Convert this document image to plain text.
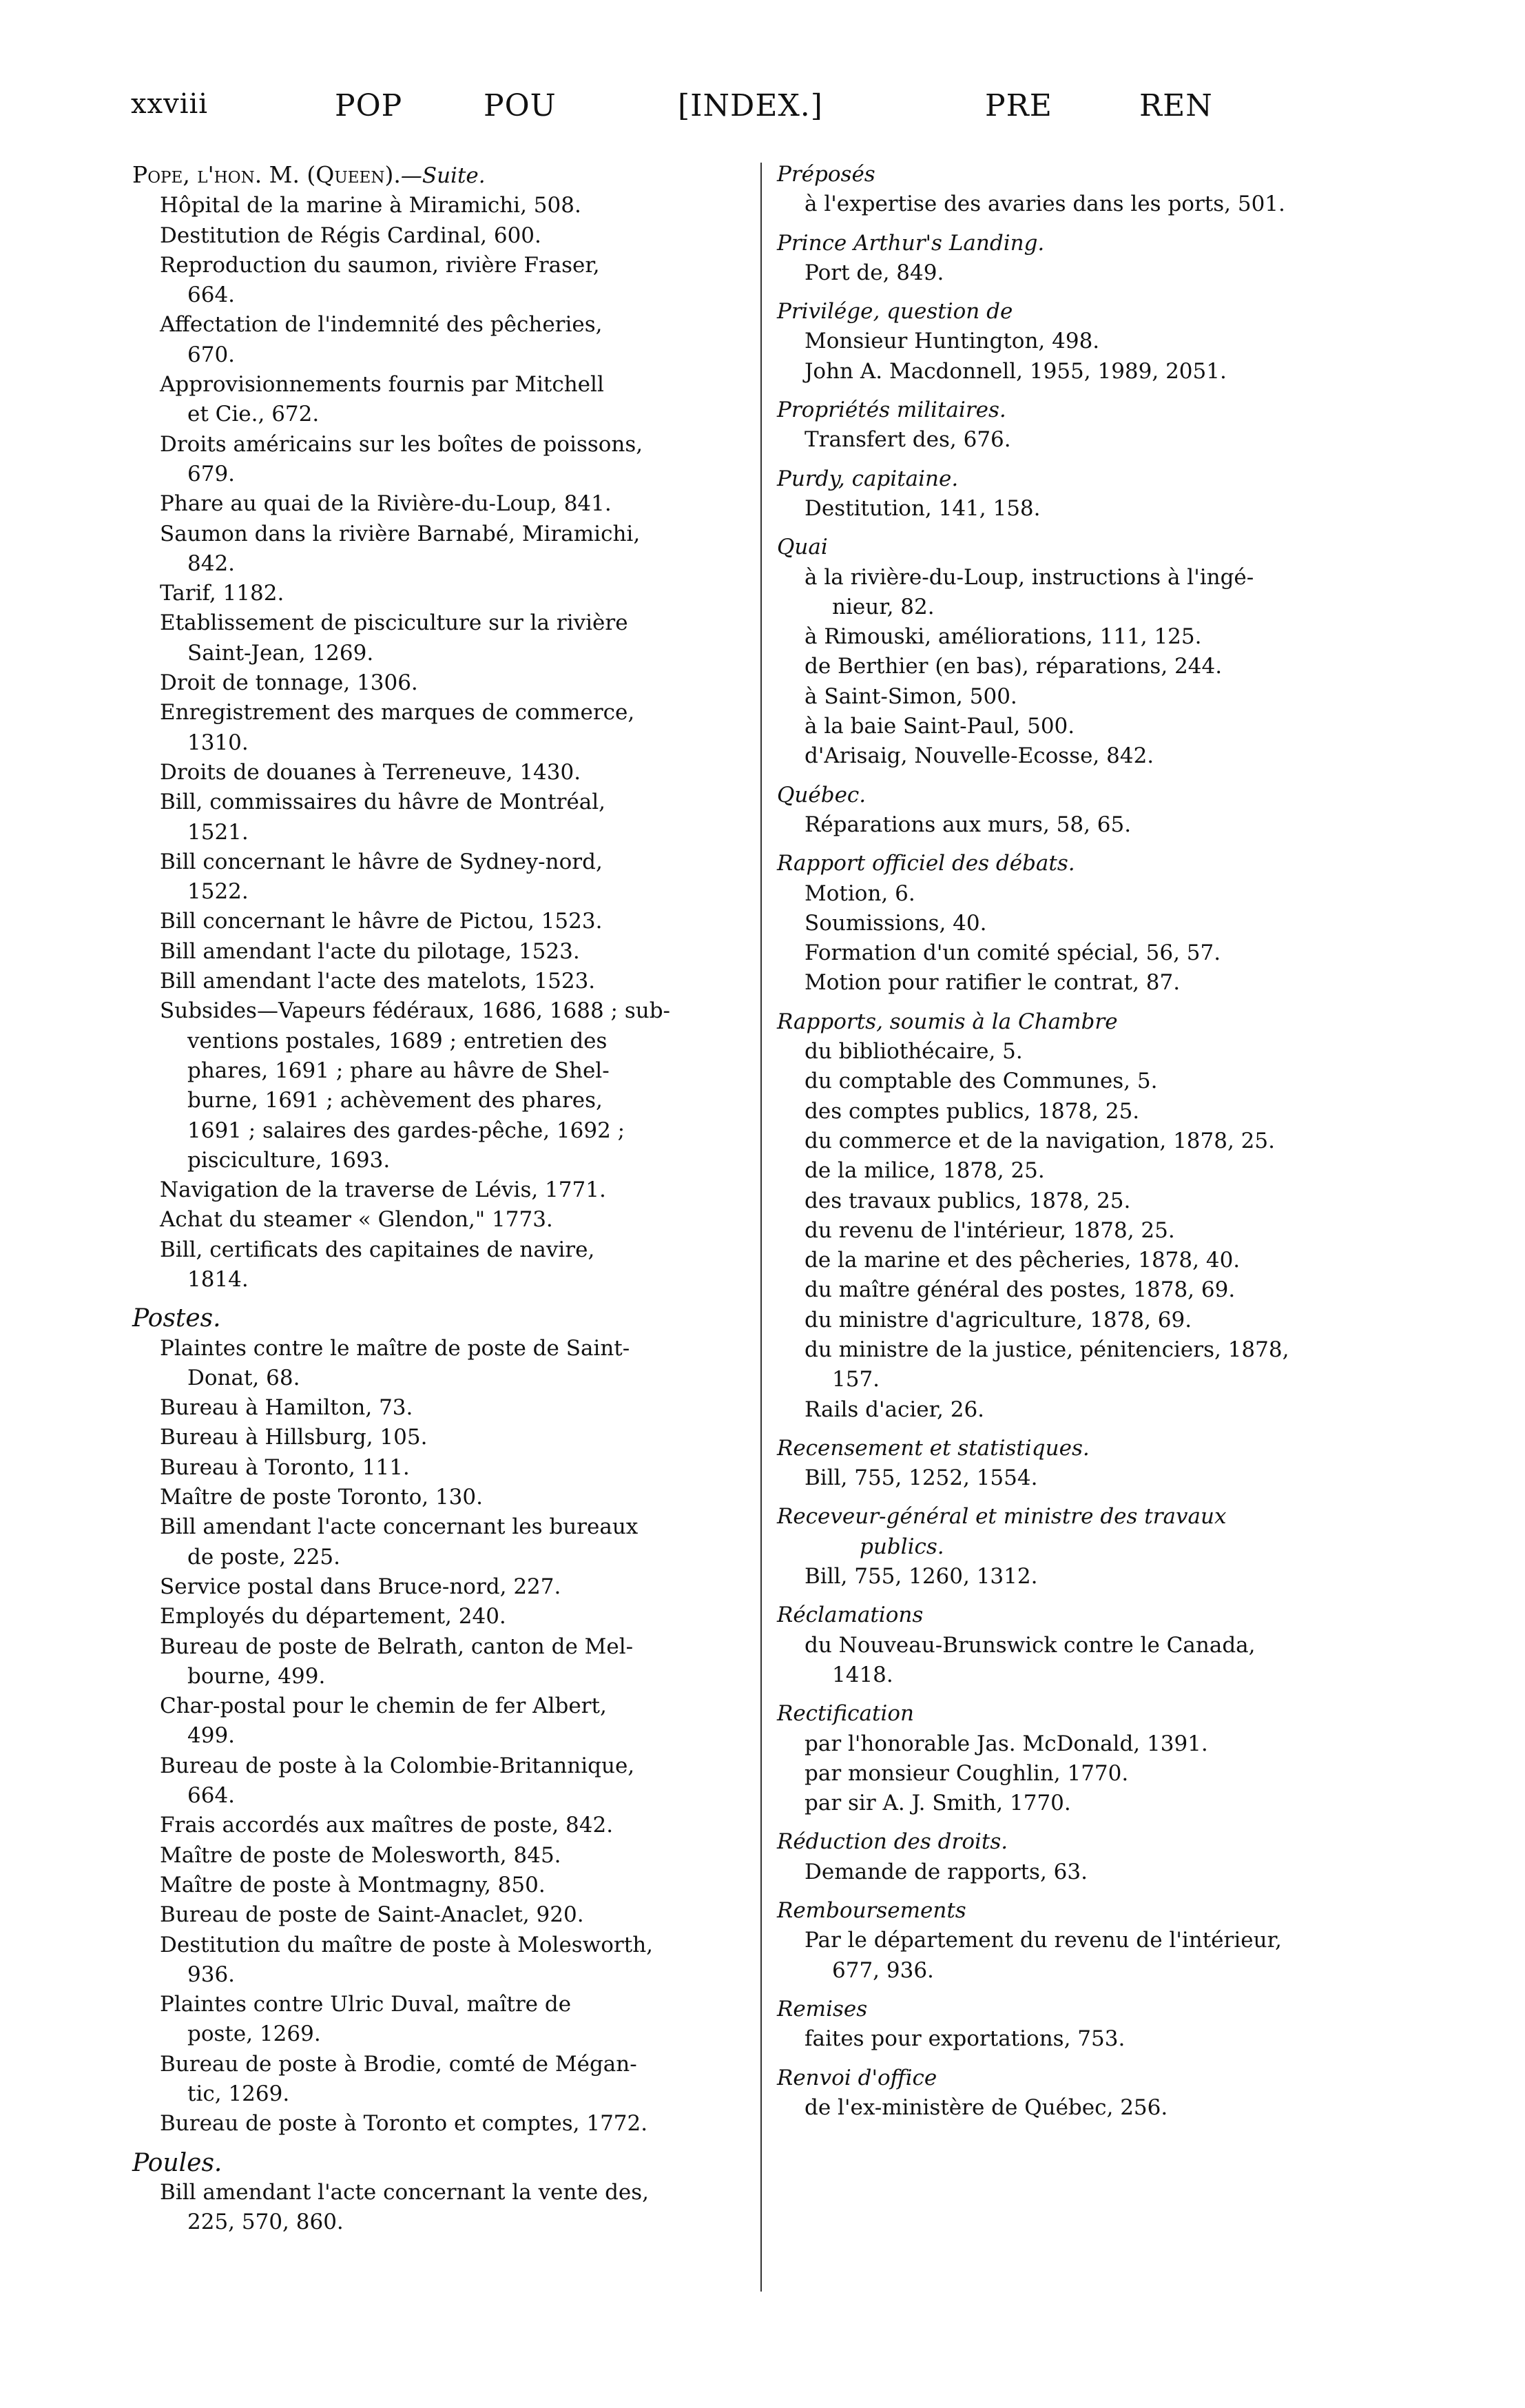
xxviii	POP	POU	[INDEX.]	PRE	REN
Pope, l'hon. M. (Queen).—Suite.
Hôpital de la marine à Miramichi, 508.
Destitution de Régis Cardinal, 600.
Reproduction du saumon, rivière Fraser,
664.
Affectation de l'indemnité des pêcheries,
670.
Approvisionnements fournis par Mitchell
et Cie., 672.
Droits américains sur les boîtes de poissons,
679.
Phare au quai de la Rivière-du-Loup, 841.
Saumon dans la rivière Barnabé, Miramichi,
842.
Tarif, 1182.
Etablissement de pisciculture sur la rivière
Saint-Jean, 1269.
Droit de tonnage, 1306.
Enregistrement des marques de commerce,
1310.
Droits de douanes à Terreneuve, 1430.
Bill, commissaires du hâvre de Montréal,
1521.
Bill concernant le hâvre de Sydney-nord,
1522.
Bill concernant le hâvre de Pictou, 1523.
Bill amendant l'acte du pilotage, 1523.
Bill amendant l'acte des matelots, 1523.
Subsides—Vapeurs fédéraux, 1686, 1688 ; sub-
ventions postales, 1689 ; entretien des
phares, 1691 ; phare au hâvre de Shel-
burne, 1691 ; achèvement des phares,
1691 ; salaires des gardes-pêche, 1692 ;
pisciculture, 1693.
Navigation de la traverse de Lévis, 1771.
Achat du steamer « Glendon," 1773.
Bill, certificats des capitaines de navire,
1814.
Postes.
Plaintes contre le maître de poste de Saint-
Donat, 68.
Bureau à Hamilton, 73.
Bureau à Hillsburg, 105.
Bureau à Toronto, 111.
Maître de poste Toronto, 130.
Bill amendant l'acte concernant les bureaux
de poste, 225.
Service postal dans Bruce-nord, 227.
Employés du département, 240.
Bureau de poste de Belrath, canton de Mel-
bourne, 499.
Char-postal pour le chemin de fer Albert,
499.
Bureau de poste à la Colombie-Britannique,
664.
Frais accordés aux maîtres de poste, 842.
Maître de poste de Molesworth, 845.
Maître de poste à Montmagny, 850.
Bureau de poste de Saint-Anaclet, 920.
Destitution du maître de poste à Molesworth,
936.
Plaintes contre Ulric Duval, maître de
poste, 1269.
Bureau de poste à Brodie, comté de Mégan-
tic, 1269.
Bureau de poste à Toronto et comptes, 1772.
Poules.
Bill amendant l'acte concernant la vente des,
225, 570, 860.
Préposés
à l'expertise des avaries dans les ports, 501.
Prince Arthur's Landing.
Port de, 849.
Privilége, question de
Monsieur Huntington, 498.
John A. Macdonnell, 1955, 1989, 2051.
Propriétés militaires.
Transfert des, 676.
Purdy, capitaine.
Destitution, 141, 158.
Quai
à la rivière-du-Loup, instructions à l'ingé-
nieur, 82.
à Rimouski, améliorations, 111, 125.
de Berthier (en bas), réparations, 244.
à Saint-Simon, 500.
à la baie Saint-Paul, 500.
d'Arisaig, Nouvelle-Ecosse, 842.
Québec.
Réparations aux murs, 58, 65.
Rapport officiel des débats.
Motion, 6.
Soumissions, 40.
Formation d'un comité spécial, 56, 57.
Motion pour ratifier le contrat, 87.
Rapports, soumis à la Chambre
du bibliothécaire, 5.
du comptable des Communes, 5.
des comptes publics, 1878, 25.
du commerce et de la navigation, 1878, 25.
de la milice, 1878, 25.
des travaux publics, 1878, 25.
du revenu de l'intérieur, 1878, 25.
de la marine et des pêcheries, 1878, 40.
du maître général des postes, 1878, 69.
du ministre d'agriculture, 1878, 69.
du ministre de la justice, pénitenciers, 1878,
157.
Rails d'acier, 26.
Recensement et statistiques.
Bill, 755, 1252, 1554.
Receveur-général et ministre des travaux
publics.
Bill, 755, 1260, 1312.
Réclamations
du Nouveau-Brunswick contre le Canada,
1418.
Rectification
par l'honorable Jas. McDonald, 1391.
par monsieur Coughlin, 1770.
par sir A. J. Smith, 1770.
Réduction des droits.
Demande de rapports, 63.
Remboursements
Par le département du revenu de l'intérieur,
677, 936.
Remises
faites pour exportations, 753.
Renvoi d'office
de l'ex-ministère de Québec, 256.
